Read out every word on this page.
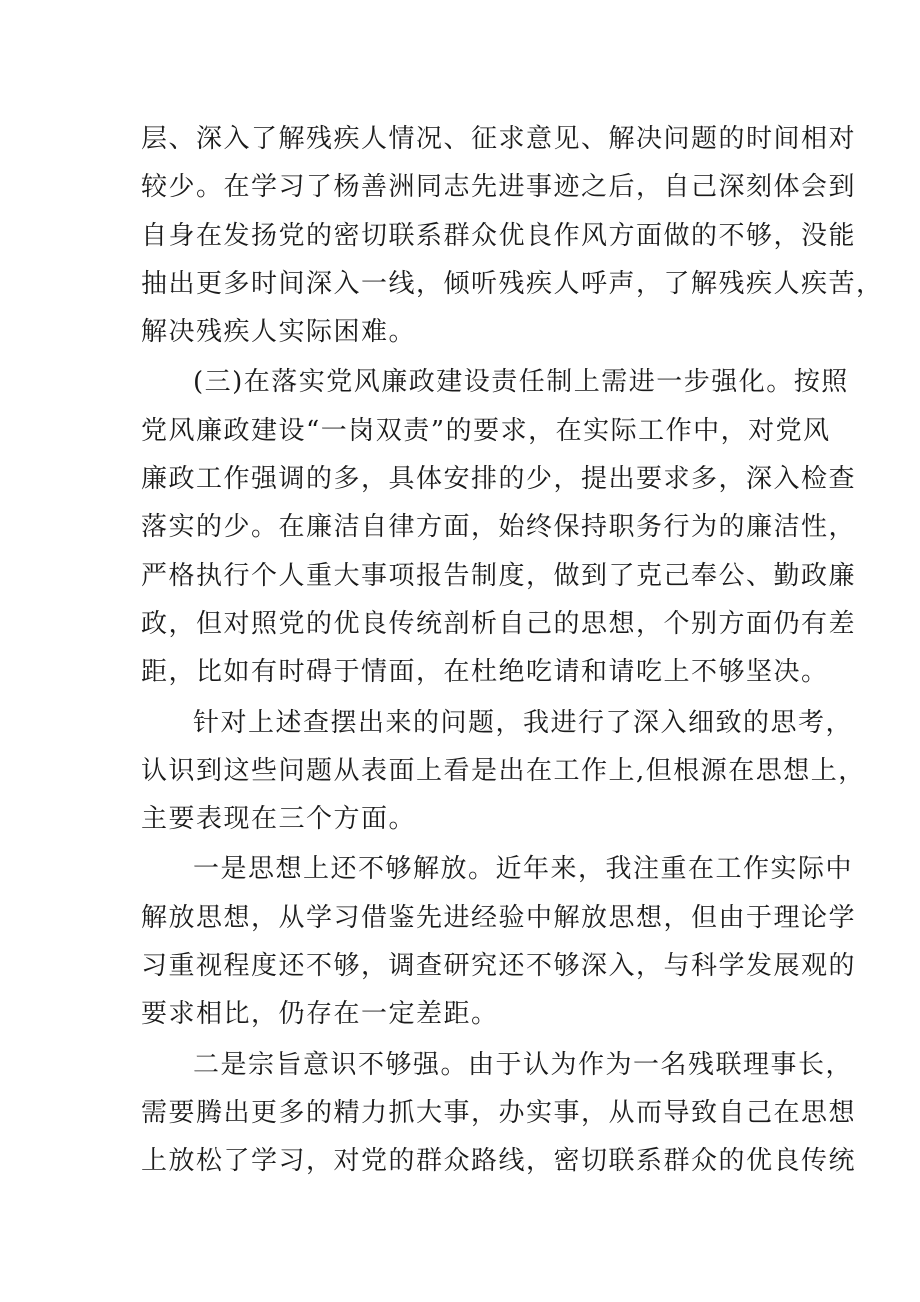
层、深入了解残疾人情况、征求意见、解决问题的时间相对
较少。在学习了杨善洲同志先进事迹之后，自己深刻体会到
自身在发扬党的密切联系群众优良作风方面做的不够，没能
抽出更多时间深入一线，倾听残疾人呼声，了解残疾人疾苦，
解决残疾人实际困难。

(三)在落实党风廉政建设责任制上需进一步强化。按照
党风廉政建设“一岗双责”的要求，在实际工作中，对党风
廉政工作强调的多，具体安排的少，提出要求多，深入检查
落实的少。在廉洁自律方面，始终保持职务行为的廉洁性，
严格执行个人重大事项报告制度，做到了克己奉公、勤政廉
政，但对照党的优良传统剖析自己的思想，个别方面仍有差
距，比如有时碍于情面，在杜绝吃请和请吃上不够坚决。

针对上述查摆出来的问题，我进行了深入细致的思考，
认识到这些问题从表面上看是出在工作上,但根源在思想上，
主要表现在三个方面。

一是思想上还不够解放。近年来，我注重在工作实际中
解放思想，从学习借鉴先进经验中解放思想，但由于理论学
习重视程度还不够，调查研究还不够深入，与科学发展观的
要求相比，仍存在一定差距。

二是宗旨意识不够强。由于认为作为一名残联理事长，
需要腾出更多的精力抓大事，办实事，从而导致自己在思想
上放松了学习，对党的群众路线，密切联系群众的优良传统
